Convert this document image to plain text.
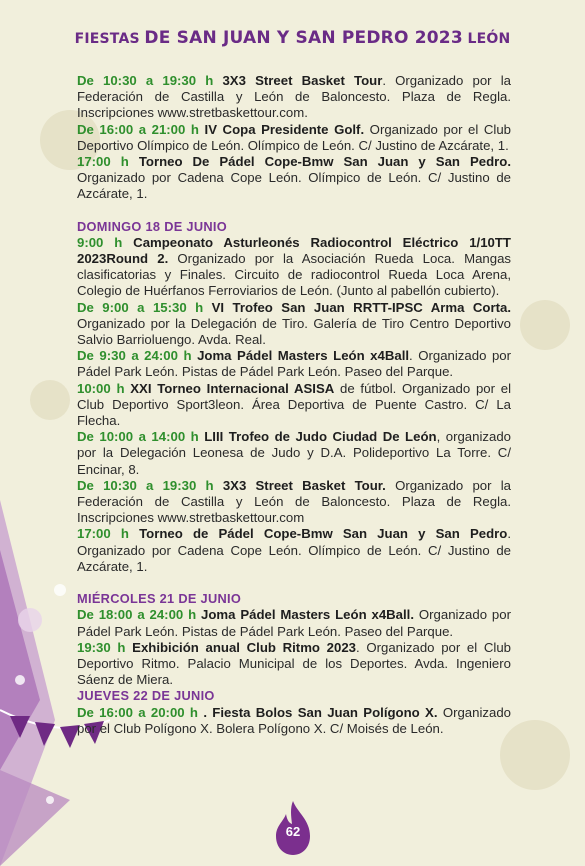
FIESTAS DE SAN JUAN Y SAN PEDRO 2023 LEÓN

De 10:30 a 19:30 h 3X3 Street Basket Tour. Organizado por la Federación de Castilla y León de Baloncesto. Plaza de Regla. Inscripciones www.stretbaskettour.com.

De 16:00 a 21:00 h IV Copa Presidente Golf. Organizado por el Club Deportivo Olímpico de León. Olímpico de León. C/ Justino de Azcárate, 1.

17:00 h Torneo De Pádel Cope-Bmw San Juan y San Pedro. Organizado por Cadena Cope León. Olímpico de León. C/ Justino de Azcárate, 1.

DOMINGO 18 DE JUNIO

9:00 h Campeonato Asturleonés Radiocontrol Eléctrico 1/10TT 2023Round 2. Organizado por la Asociación Rueda Loca. Mangas clasificatorias y Finales. Circuito de radiocontrol Rueda Loca Arena, Colegio de Huérfanos Ferroviarios de León. (Junto al pabellón cubierto).

De 9:00 a 15:30 h VI Trofeo San Juan RRTT-IPSC Arma Corta. Organizado por la Delegación de Tiro. Galería de Tiro Centro Deportivo Salvio Barrioluengo. Avda. Real.

De 9:30 a 24:00 h Joma Pádel Masters León x4Ball. Organizado por Pádel Park León. Pistas de Pádel Park León. Paseo del Parque.

10:00 h XXI Torneo Internacional ASISA de fútbol. Organizado por el Club Deportivo Sport3leon. Área Deportiva de Puente Castro. C/ La Flecha.

De 10:00 a 14:00 h LIII Trofeo de Judo Ciudad De León, organizado por la Delegación Leonesa de Judo y D.A. Polideportivo La Torre. C/ Encinar, 8.

De 10:30 a 19:30 h 3X3 Street Basket Tour. Organizado por la Federación de Castilla y León de Baloncesto. Plaza de Regla. Inscripciones www.stretbaskettour.com

17:00 h Torneo de Pádel Cope-Bmw San Juan y San Pedro. Organizado por Cadena Cope León. Olímpico de León. C/ Justino de Azcárate, 1.

MIÉRCOLES 21 DE JUNIO

De 18:00 a 24:00 h Joma Pádel Masters León x4Ball. Organizado por Pádel Park León. Pistas de Pádel Park León. Paseo del Parque.

19:30 h Exhibición anual Club Ritmo 2023. Organizado por el Club Deportivo Ritmo. Palacio Municipal de los Deportes. Avda. Ingeniero Sáenz de Miera.

JUEVES 22 DE JUNIO

De 16:00 a 20:00 h . Fiesta Bolos San Juan Polígono X. Organizado por el Club Polígono X. Bolera Polígono X. C/ Moisés de León.

62
